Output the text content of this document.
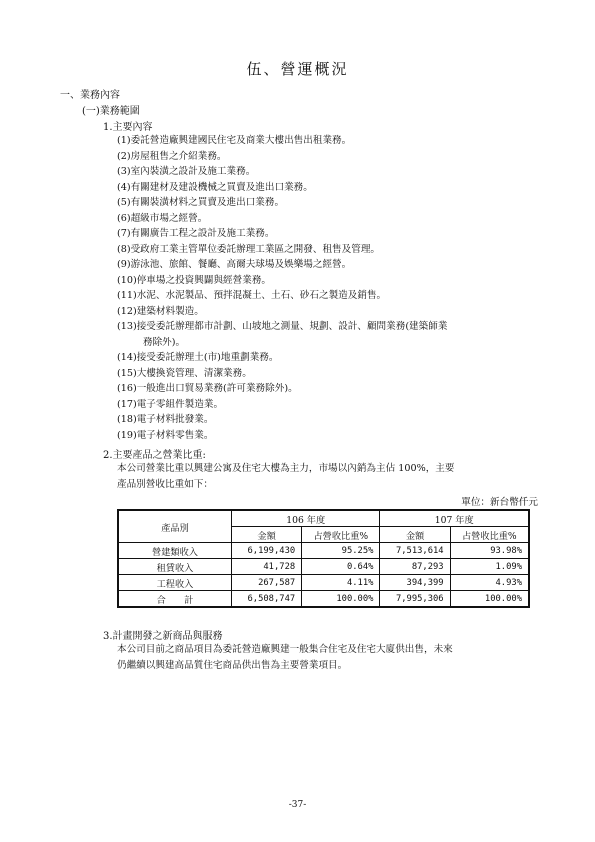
伍、營運概況
一、業務內容
(一)業務範圍
1.主要內容
(1)委託營造廠興建國民住宅及商業大樓出售出租業務。
(2)房屋租售之介紹業務。
(3)室內裝潢之設計及施工業務。
(4)有關建材及建設機械之買賣及進出口業務。
(5)有關裝潢材料之買賣及進出口業務。
(6)超級市場之經營。
(7)有關廣告工程之設計及施工業務。
(8)受政府工業主管單位委託辦理工業區之開發、租售及管理。
(9)游泳池、旅館、餐廳、高爾夫球場及娛樂場之經營。
(10)停車場之投資興闢與經營業務。
(11)水泥、水泥製品、預拌混凝土、土石、砂石之製造及銷售。
(12)建築材料製造。
(13)接受委託辦理都市計劃、山坡地之測量、規劃、設計、顧問業務(建築師業
務除外)。
(14)接受委託辦理土(市)地重劃業務。
(15)大樓換瓷管理、清潔業務。
(16)一般進出口貿易業務(許可業務除外)。
(17)電子零組件製造業。
(18)電子材料批發業。
(19)電子材料零售業。
2.主要產品之營業比重:
本公司營業比重以興建公寓及住宅大樓為主力，市場以內銷為主佔 100%，主要
產品別營收比重如下：
單位：新台幣仟元
產品別	106 年度		107 年度	
	金額	占營收比重%	金額	占營收比重%
營建類收入	6,199,430	95.25%	7,513,614	93.98%
租賃收入	41,728	0.64%	87,293	1.09%
工程收入	267,587	4.11%	394,399	4.93%
合　　計	6,508,747	100.00%	7,995,306	100.00%
3.計畫開發之新商品與服務
本公司目前之商品項目為委託營造廠興建一般集合住宅及住宅大廈供出售，未來
仍繼續以興建高品質住宅商品供出售為主要營業項目。
-37-
